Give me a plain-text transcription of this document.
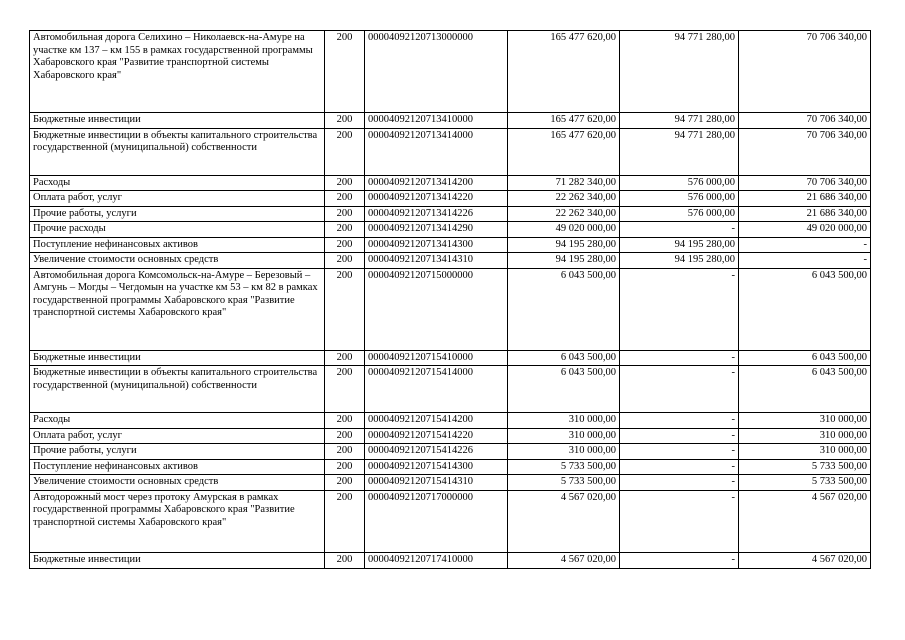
Автомобильная дорога Селихино – Николаевск-на-Амуре на участке км 137 – км 155 в рамках государственной программы Хабаровского края "Развитие транспортной системы Хабаровского края"	200	00004092120713000000	165 477 620,00	94 771 280,00	70 706 340,00
Бюджетные инвестиции	200	00004092120713410000	165 477 620,00	94 771 280,00	70 706 340,00
Бюджетные инвестиции в объекты капитального строительства государственной (муниципальной) собственности	200	00004092120713414000	165 477 620,00	94 771 280,00	70 706 340,00
Расходы	200	00004092120713414200	71 282 340,00	576 000,00	70 706 340,00
Оплата работ, услуг	200	00004092120713414220	22 262 340,00	576 000,00	21 686 340,00
Прочие работы, услуги	200	00004092120713414226	22 262 340,00	576 000,00	21 686 340,00
Прочие расходы	200	00004092120713414290	49 020 000,00	-	49 020 000,00
Поступление нефинансовых активов	200	00004092120713414300	94 195 280,00	94 195 280,00	-
Увеличение стоимости основных средств	200	00004092120713414310	94 195 280,00	94 195 280,00	-
Автомобильная дорога Комсомольск-на-Амуре – Березовый – Амгунь – Могды – Чегдомын на участке км 53 – км 82 в рамках государственной программы Хабаровского края "Развитие транспортной системы Хабаровского края"	200	00004092120715000000	6 043 500,00	-	6 043 500,00
Бюджетные инвестиции	200	00004092120715410000	6 043 500,00	-	6 043 500,00
Бюджетные инвестиции в объекты капитального строительства государственной (муниципальной) собственности	200	00004092120715414000	6 043 500,00	-	6 043 500,00
Расходы	200	00004092120715414200	310 000,00	-	310 000,00
Оплата работ, услуг	200	00004092120715414220	310 000,00	-	310 000,00
Прочие работы, услуги	200	00004092120715414226	310 000,00	-	310 000,00
Поступление нефинансовых активов	200	00004092120715414300	5 733 500,00	-	5 733 500,00
Увеличение стоимости основных средств	200	00004092120715414310	5 733 500,00	-	5 733 500,00
Автодорожный мост через протоку Амурская в рамках государственной программы Хабаровского края "Развитие транспортной системы Хабаровского края"	200	00004092120717000000	4 567 020,00	-	4 567 020,00
Бюджетные инвестиции	200	00004092120717410000	4 567 020,00	-	4 567 020,00
